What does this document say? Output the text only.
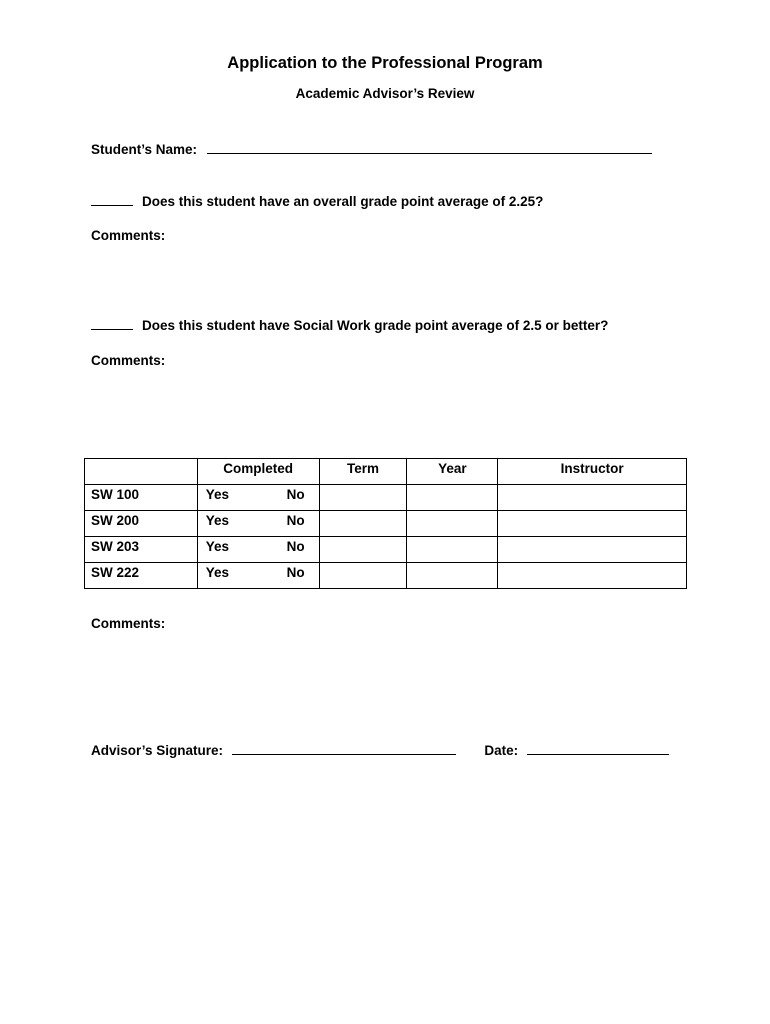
Application to the Professional Program
Academic Advisor’s Review
Student’s Name:
Does this student have an overall grade point average of 2.25?
Comments:
Does this student have Social Work grade point average of 2.5 or better?
Comments:
	Completed	Term	Year	Instructor
SW 100	Yes No			

SW 200	Yes No			

SW 203	Yes No			

SW 222	Yes No			

Comments:
Advisor’s Signature:	Date:
